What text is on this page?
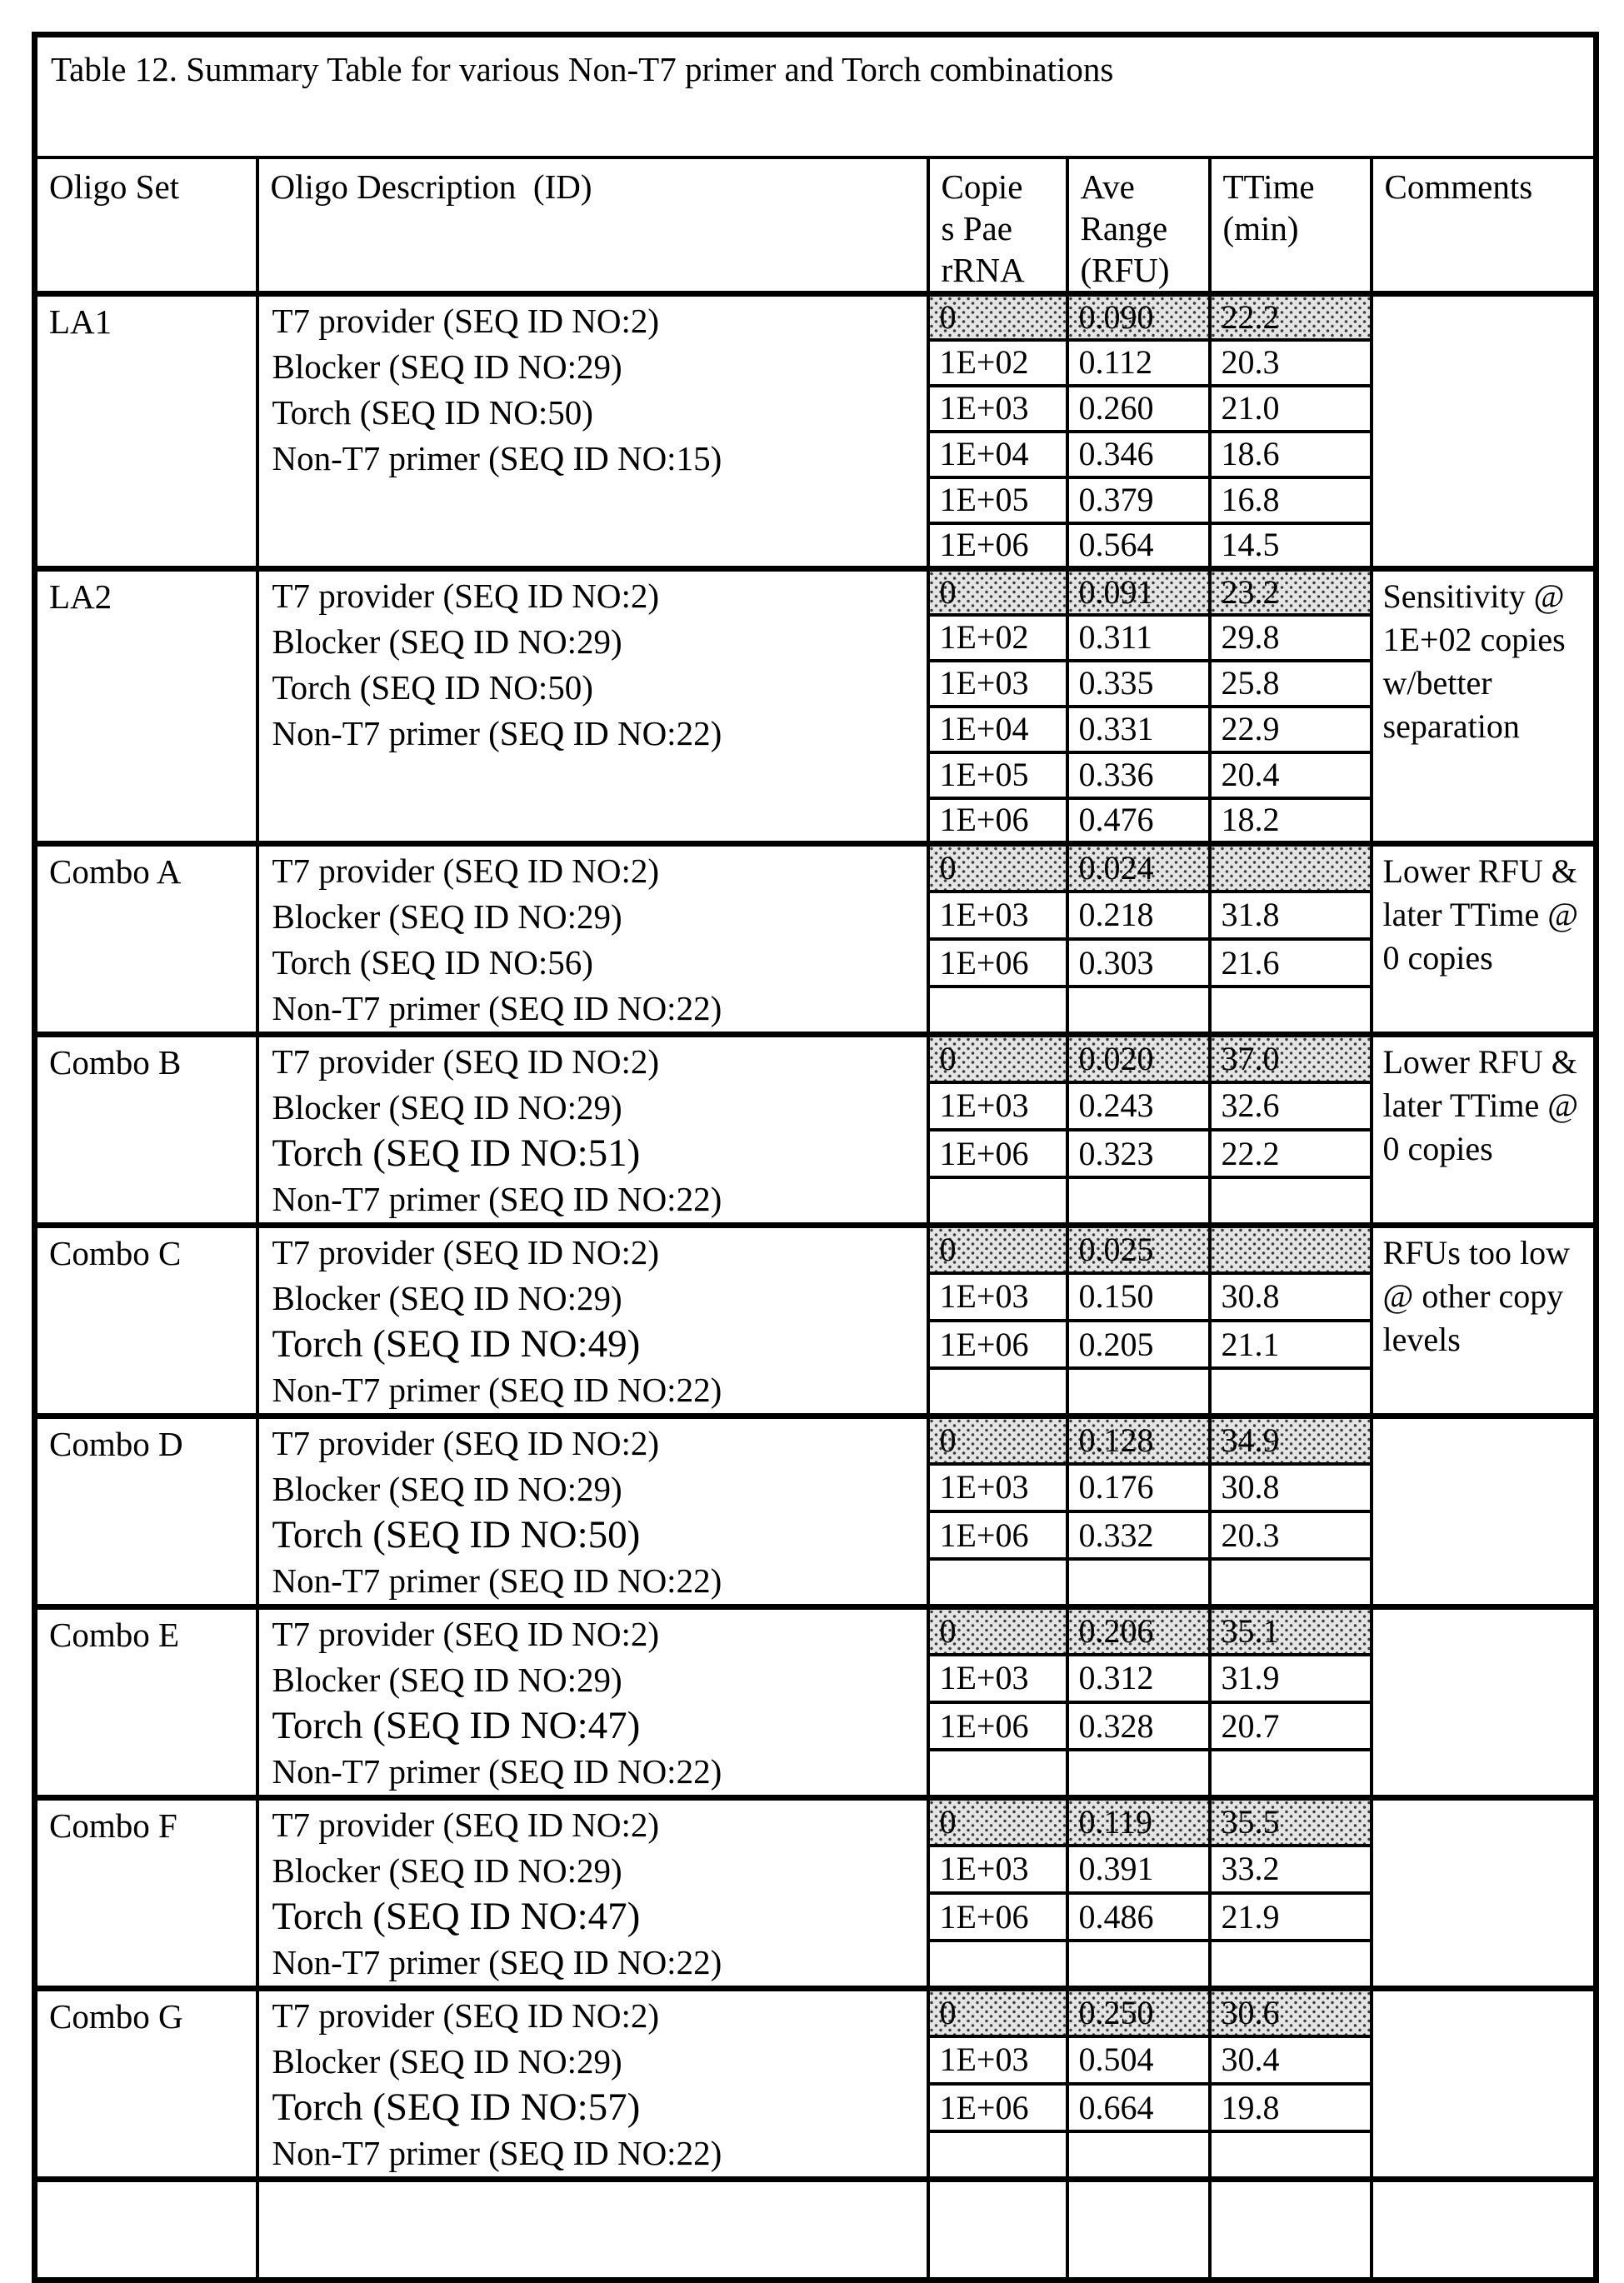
Table 12. Summary Table for various Non-T7 primer and Torch combinations					
Oligo Set	Oligo Description  (ID)	Copie
s Pae
rRNA	Ave
Range
(RFU)	TTime
(min)	Comments
LA1	T7 provider (SEQ ID NO:2)
Blocker (SEQ ID NO:29)
Torch (SEQ ID NO:50)
Non-T7 primer (SEQ ID NO:15)	0	0.090	22.2	
		1E+02	0.112	20.3	
		1E+03	0.260	21.0	
		1E+04	0.346	18.6	
		1E+05	0.379	16.8	
		1E+06	0.564	14.5	
LA2	T7 provider (SEQ ID NO:2)
Blocker (SEQ ID NO:29)
Torch (SEQ ID NO:50)
Non-T7 primer (SEQ ID NO:22)	0	0.091	23.2	Sensitivity @ 1E+02 copies w/better separation
		1E+02	0.311	29.8	
		1E+03	0.335	25.8	
		1E+04	0.331	22.9	
		1E+05	0.336	20.4	
		1E+06	0.476	18.2	
Combo A	T7 provider (SEQ ID NO:2)
Blocker (SEQ ID NO:29)
Torch (SEQ ID NO:56)
Non-T7 primer (SEQ ID NO:22)	0	0.024		Lower RFU & later TTime @ 0 copies
		1E+03	0.218	31.8	
		1E+06	0.303	21.6	

Combo B	T7 provider (SEQ ID NO:2)
Blocker (SEQ ID NO:29)
Torch (SEQ ID NO:51)
Non-T7 primer (SEQ ID NO:22)	0	0.020	37.0	Lower RFU & later TTime @ 0 copies
		1E+03	0.243	32.6	
		1E+06	0.323	22.2	

Combo C	T7 provider (SEQ ID NO:2)
Blocker (SEQ ID NO:29)
Torch (SEQ ID NO:49)
Non-T7 primer (SEQ ID NO:22)	0	0.025		RFUs too low @ other copy levels
		1E+03	0.150	30.8	
		1E+06	0.205	21.1	

Combo D	T7 provider (SEQ ID NO:2)
Blocker (SEQ ID NO:29)
Torch (SEQ ID NO:50)
Non-T7 primer (SEQ ID NO:22)	0	0.128	34.9	
		1E+03	0.176	30.8	
		1E+06	0.332	20.3	

Combo E	T7 provider (SEQ ID NO:2)
Blocker (SEQ ID NO:29)
Torch (SEQ ID NO:47)
Non-T7 primer (SEQ ID NO:22)	0	0.206	35.1	
		1E+03	0.312	31.9	
		1E+06	0.328	20.7	

Combo F	T7 provider (SEQ ID NO:2)
Blocker (SEQ ID NO:29)
Torch (SEQ ID NO:47)
Non-T7 primer (SEQ ID NO:22)	0	0.119	35.5	
		1E+03	0.391	33.2	
		1E+06	0.486	21.9	

Combo G	T7 provider (SEQ ID NO:2)
Blocker (SEQ ID NO:29)
Torch (SEQ ID NO:57)
Non-T7 primer (SEQ ID NO:22)	0	0.250	30.6	
		1E+03	0.504	30.4	
		1E+06	0.664	19.8	
